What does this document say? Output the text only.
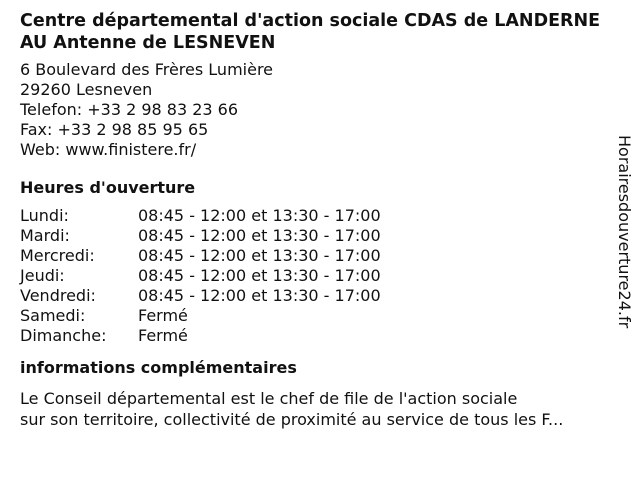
Centre départemental d'action sociale CDAS de LANDERNEAU Antenne de LESNEVEN
6 Boulevard des Frères Lumière
29260 Lesneven
Telefon: +33 2 98 83 23 66
Fax: +33 2 98 85 95 65
Web: www.finistere.fr/
Heures d'ouverture
Lundi:	08:45 - 12:00 et 13:30 - 17:00
Mardi:	08:45 - 12:00 et 13:30 - 17:00
Mercredi:	08:45 - 12:00 et 13:30 - 17:00
Jeudi:	08:45 - 12:00 et 13:30 - 17:00
Vendredi:	08:45 - 12:00 et 13:30 - 17:00
Samedi:	Fermé
Dimanche:	Fermé
informations complémentaires
Le Conseil départemental est le chef de file de l'action sociale
sur son territoire, collectivité de proximité au service de tous les F...
Horairesdouverture24.fr
